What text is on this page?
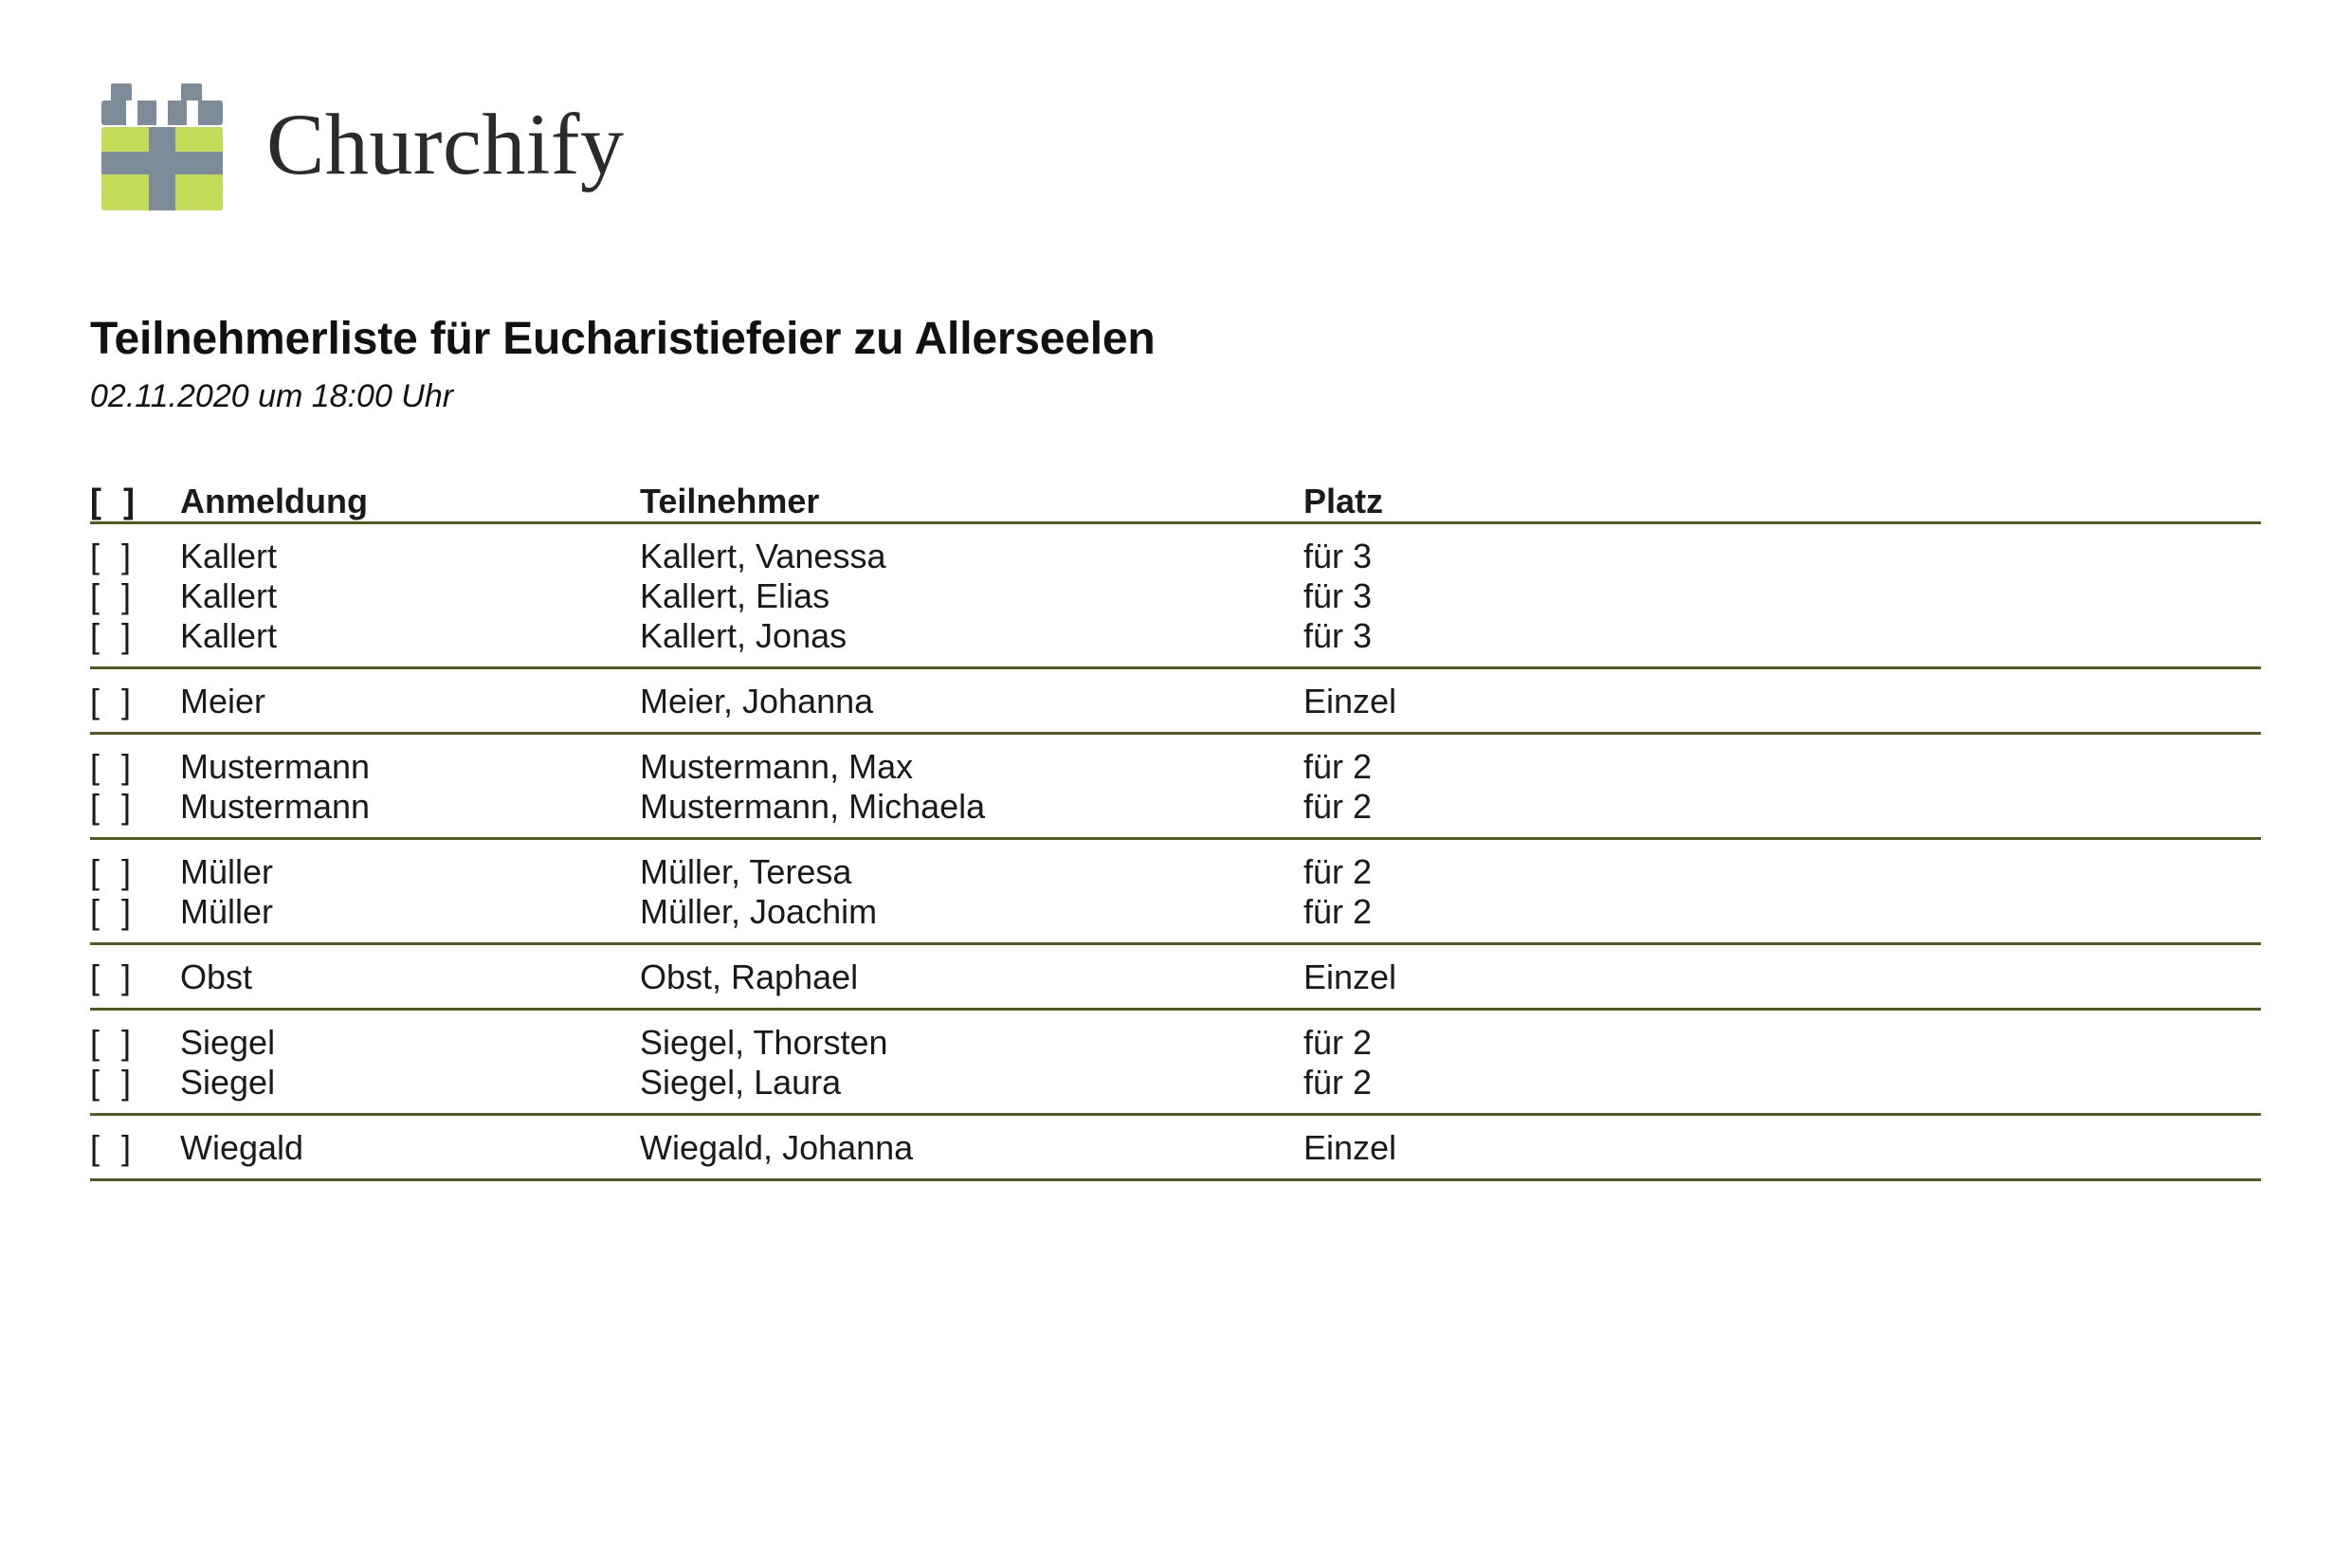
Churchify
Teilnehmerliste für Eucharistiefeier zu Allerseelen
02.11.2020 um 18:00 Uhr
[  ]	Anmeldung	Teilnehmer	Platz
[  ]	Kallert	Kallert, Vanessa	für 3
[  ]	Kallert	Kallert, Elias	für 3
[  ]	Kallert	Kallert, Jonas	für 3
[  ]	Meier	Meier, Johanna	Einzel
[  ]	Mustermann	Mustermann, Max	für 2
[  ]	Mustermann	Mustermann, Michaela	für 2
[  ]	Müller	Müller, Teresa	für 2
[  ]	Müller	Müller, Joachim	für 2
[  ]	Obst	Obst, Raphael	Einzel
[  ]	Siegel	Siegel, Thorsten	für 2
[  ]	Siegel	Siegel, Laura	für 2
[  ]	Wiegald	Wiegald, Johanna	Einzel
